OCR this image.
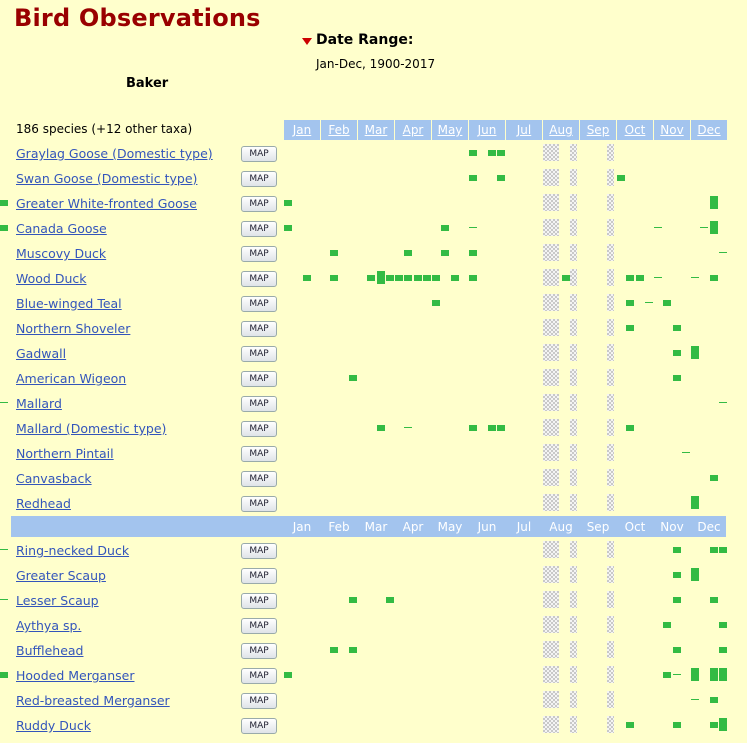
Bird Observations
Date Range:
Jan-Dec, 1900-2017
Baker
186 species (+12 other taxa)	Jan	Feb	Mar	Apr	May	Jun	Jul	Aug	Sep	Oct	Nov	Dec
Jan	Feb	Mar	Apr	May	Jun	Jul	Aug	Sep	Oct	Nov	Dec
Graylag Goose (Domestic type)	MAP
Swan Goose (Domestic type)	MAP
Greater White-fronted Goose	MAP
Canada Goose	MAP
Muscovy Duck	MAP
Wood Duck	MAP
Blue-winged Teal	MAP
Northern Shoveler	MAP
Gadwall	MAP
American Wigeon	MAP
Mallard	MAP
Mallard (Domestic type)	MAP
Northern Pintail	MAP
Canvasback	MAP
Redhead	MAP
Ring-necked Duck	MAP
Greater Scaup	MAP
Lesser Scaup	MAP
Aythya sp.	MAP
Bufflehead	MAP
Hooded Merganser	MAP
Red-breasted Merganser	MAP
Ruddy Duck	MAP
